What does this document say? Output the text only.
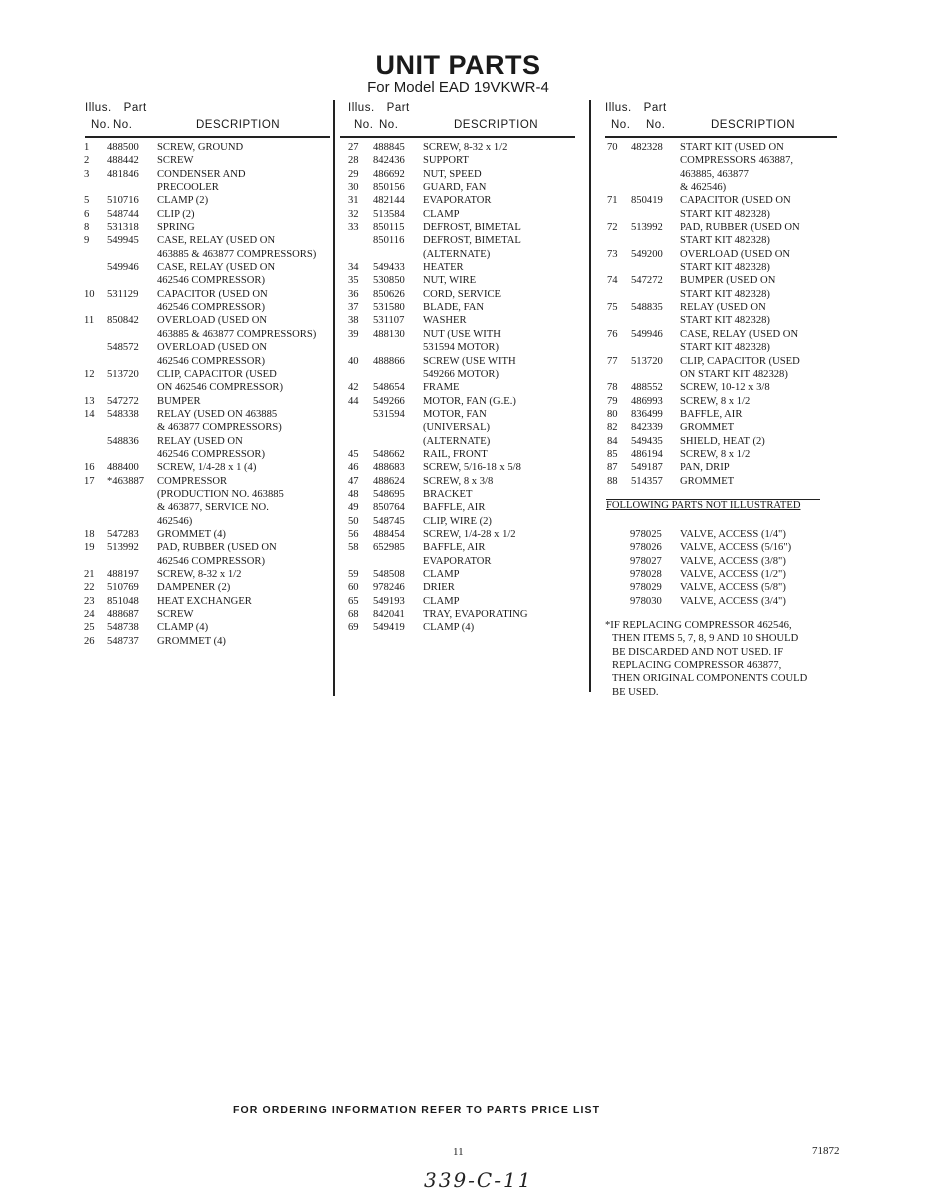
UNIT PARTS
For Model EAD 19VKWR-4
Illus. Part
No. No.	DESCRIPTION
Illus. Part
No. No.	DESCRIPTION
Illus. Part
No. No.	DESCRIPTION
1 488500 SCREW, GROUND
2 488442 SCREW
3 481846 CONDENSER AND
PRECOOLER
5 510716 CLAMP (2)
6 548744 CLIP (2)
8 531318 SPRING
9 549945 CASE, RELAY (USED ON
463885 & 463877 COMPRESSORS)
549946 CASE, RELAY (USED ON
462546 COMPRESSOR)
10 531129 CAPACITOR (USED ON
462546 COMPRESSOR)
11 850842 OVERLOAD (USED ON
463885 & 463877 COMPRESSORS)
548572 OVERLOAD (USED ON
462546 COMPRESSOR)
12 513720 CLIP, CAPACITOR (USED
ON 462546 COMPRESSOR)
13 547272 BUMPER
14 548338 RELAY (USED ON 463885
& 463877 COMPRESSORS)
548836 RELAY (USED ON
462546 COMPRESSOR)
16 488400 SCREW, 1/4-28 x 1 (4)
17 *463887 COMPRESSOR
(PRODUCTION NO. 463885
& 463877, SERVICE NO.
462546)
18 547283 GROMMET (4)
19 513992 PAD, RUBBER (USED ON
462546 COMPRESSOR)
21 488197 SCREW, 8-32 x 1/2
22 510769 DAMPENER (2)
23 851048 HEAT EXCHANGER
24 488687 SCREW
25 548738 CLAMP (4)
26 548737 GROMMET (4)
27 488845 SCREW, 8-32 x 1/2
28 842436 SUPPORT
29 486692 NUT, SPEED
30 850156 GUARD, FAN
31 482144 EVAPORATOR
32 513584 CLAMP
33 850115 DEFROST, BIMETAL
850116 DEFROST, BIMETAL
(ALTERNATE)
34 549433 HEATER
35 530850 NUT, WIRE
36 850626 CORD, SERVICE
37 531580 BLADE, FAN
38 531107 WASHER
39 488130 NUT (USE WITH
531594 MOTOR)
40 488866 SCREW (USE WITH
549266 MOTOR)
42 548654 FRAME
44 549266 MOTOR, FAN (G.E.)
531594 MOTOR, FAN
(UNIVERSAL)
(ALTERNATE)
45 548662 RAIL, FRONT
46 488683 SCREW, 5/16-18 x 5/8
47 488624 SCREW, 8 x 3/8
48 548695 BRACKET
49 850764 BAFFLE, AIR
50 548745 CLIP, WIRE (2)
56 488454 SCREW, 1/4-28 x 1/2
58 652985 BAFFLE, AIR
EVAPORATOR
59 548508 CLAMP
60 978246 DRIER
65 549193 CLAMP
68 842041 TRAY, EVAPORATING
69 549419 CLAMP (4)
70 482328 START KIT (USED ON
COMPRESSORS 463887,
463885, 463877
& 462546)
71 850419 CAPACITOR (USED ON
START KIT 482328)
72 513992 PAD, RUBBER (USED ON
START KIT 482328)
73 549200 OVERLOAD (USED ON
START KIT 482328)
74 547272 BUMPER (USED ON
START KIT 482328)
75 548835 RELAY (USED ON
START KIT 482328)
76 549946 CASE, RELAY (USED ON
START KIT 482328)
77 513720 CLIP, CAPACITOR (USED
ON START KIT 482328)
78 488552 SCREW, 10-12 x 3/8
79 486993 SCREW, 8 x 1/2
80 836499 BAFFLE, AIR
82 842339 GROMMET
84 549435 SHIELD, HEAT (2)
85 486194 SCREW, 8 x 1/2
87 549187 PAN, DRIP
88 514357 GROMMET
FOLLOWING PARTS NOT ILLUSTRATED
978025 VALVE, ACCESS (1/4")
978026 VALVE, ACCESS (5/16")
978027 VALVE, ACCESS (3/8")
978028 VALVE, ACCESS (1/2")
978029 VALVE, ACCESS (5/8")
978030 VALVE, ACCESS (3/4")
*IF REPLACING COMPRESSOR 462546,
THEN ITEMS 5, 7, 8, 9 AND 10 SHOULD
BE DISCARDED AND NOT USED. IF
REPLACING COMPRESSOR 463877,
THEN ORIGINAL COMPONENTS COULD
BE USED.
FOR ORDERING INFORMATION REFER TO PARTS PRICE LIST
11	71872
339-C-11
